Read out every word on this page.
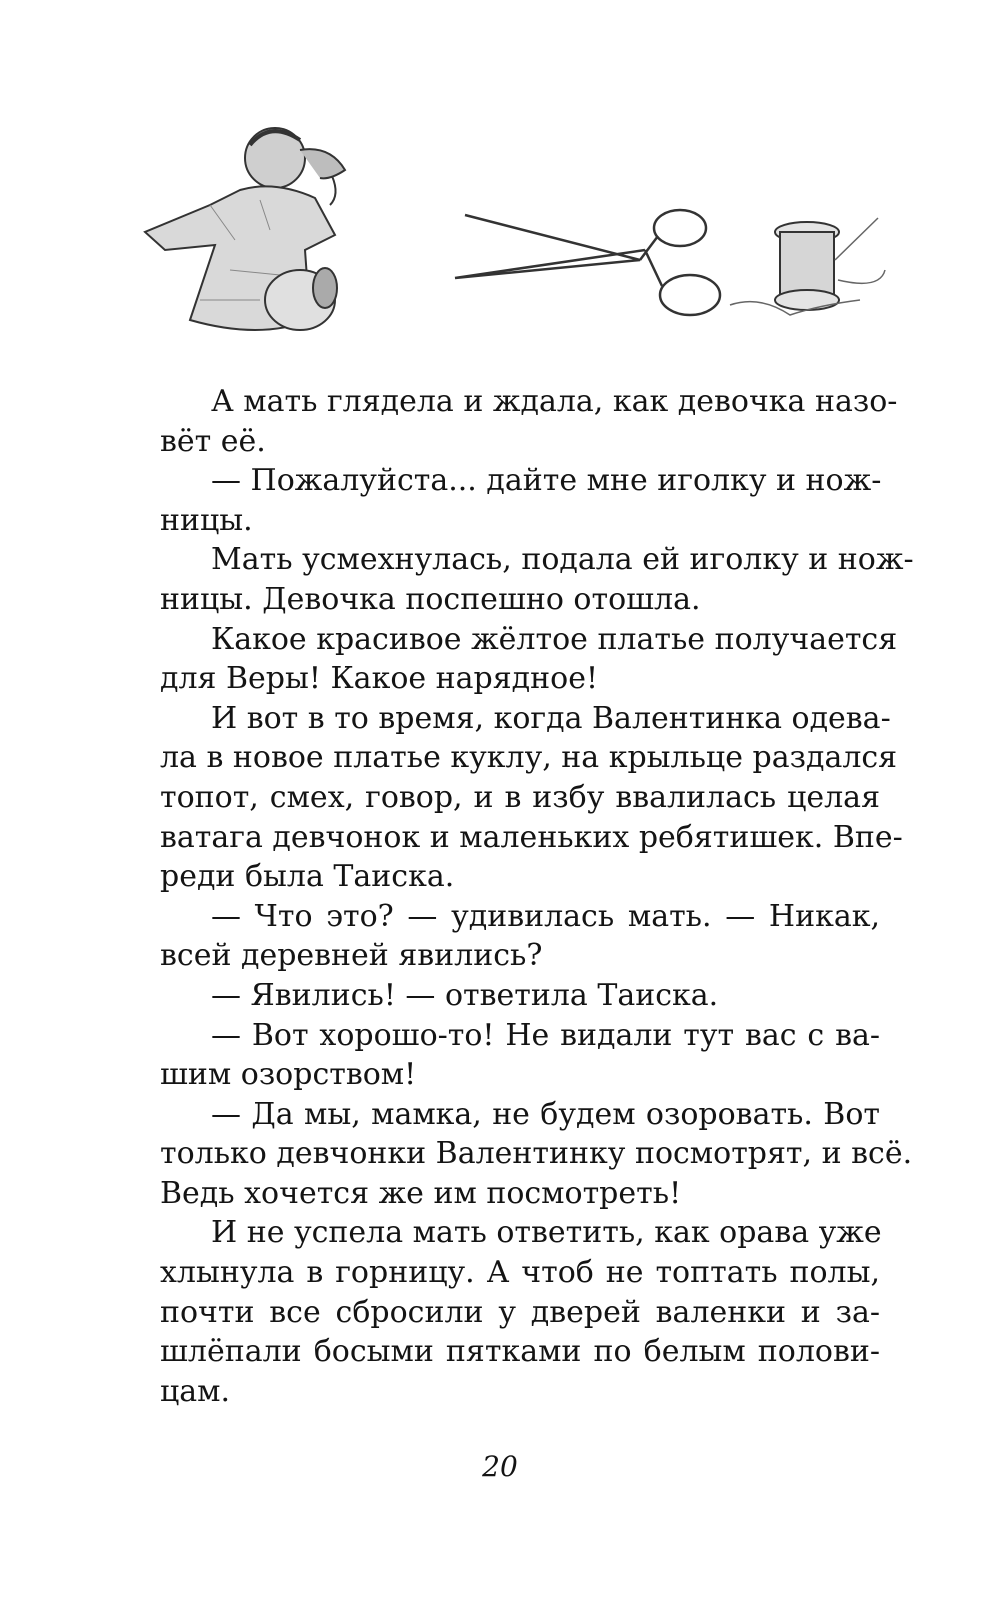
А мать глядела и ждала, как девочка назо-
вёт её.
— Пожалуйста... дайте мне иголку и нож-
ницы.
Мать усмехнулась, подала ей иголку и нож-
ницы. Девочка поспешно отошла.
Какое красивое жёлтое платье получается
для Веры! Какое нарядное!
И вот в то время, когда Валентинка одева-
ла в новое платье куклу, на крыльце раздался
топот, смех, говор, и в избу ввалилась целая
ватага девчонок и маленьких ребятишек. Впе-
реди была Таиска.
— Что это? — удивилась мать. — Никак,
всей деревней явились?
— Явились! — ответила Таиска.
— Вот хорошо-то! Не видали тут вас с ва-
шим озорством!
— Да мы, мамка, не будем озоровать. Вот
только девчонки Валентинку посмотрят, и всё.
Ведь хочется же им посмотреть!
И не успела мать ответить, как орава уже
хлынула в горницу. А чтоб не топтать полы,
почти все сбросили у дверей валенки и за-
шлёпали босыми пятками по белым полови-
цам.
20
